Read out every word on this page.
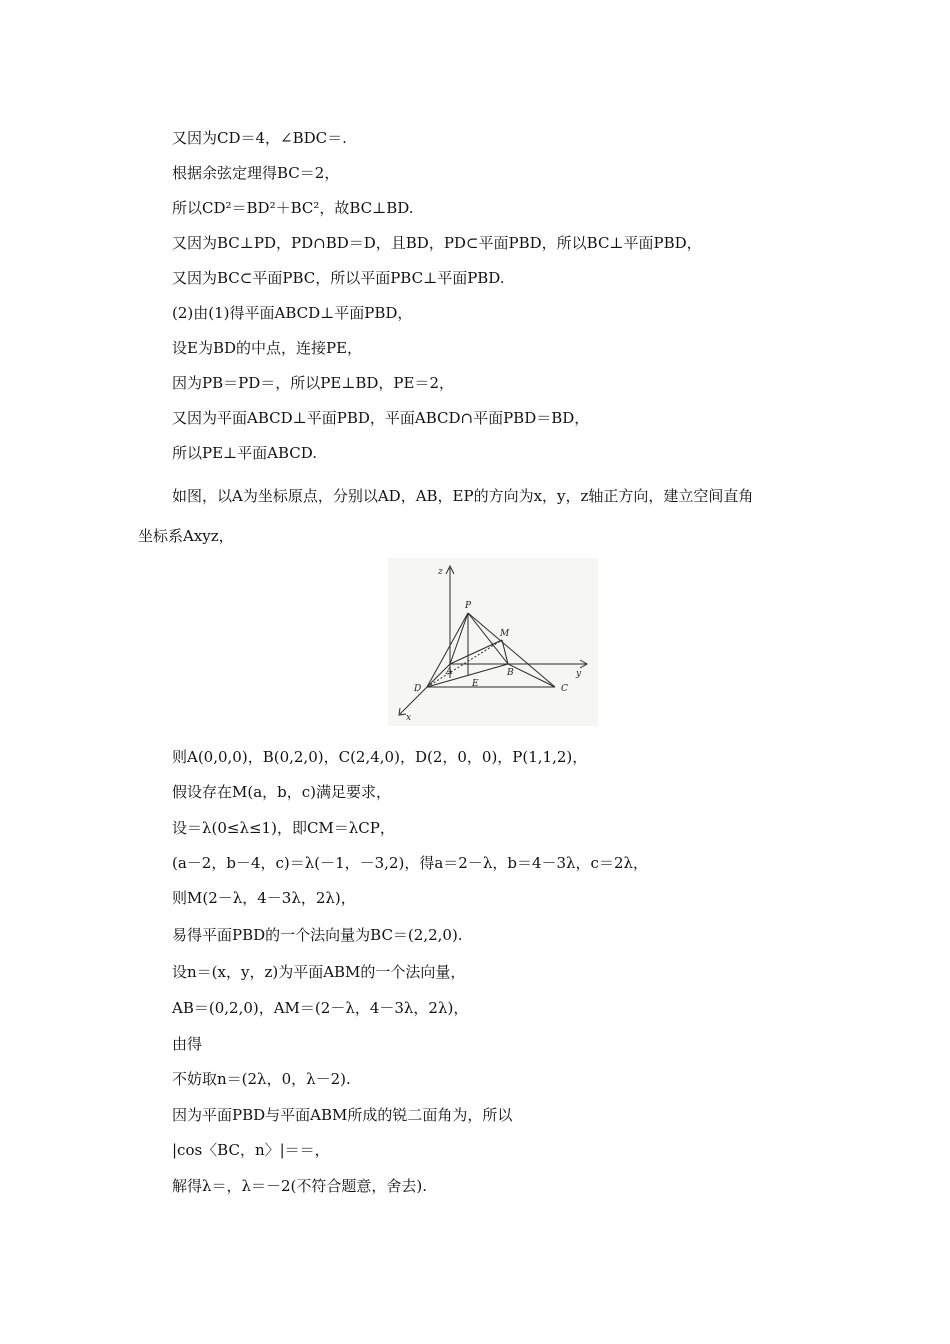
又因为CD＝4，∠BDC＝.
根据余弦定理得BC＝2，
所以CD²＝BD²＋BC²，故BC⊥BD.
又因为BC⊥PD，PD∩BD＝D，且BD，PD⊂平面PBD，所以BC⊥平面PBD，
又因为BC⊂平面PBC，所以平面PBC⊥平面PBD.
(2)由(1)得平面ABCD⊥平面PBD，
设E为BD的中点，连接PE，
因为PB＝PD＝，所以PE⊥BD，PE＝2，
又因为平面ABCD⊥平面PBD，平面ABCD∩平面PBD＝BD，
所以PE⊥平面ABCD.
如图，以A为坐标原点，分别以AD，AB，EP的方向为x，y，z轴正方向，建立空间直角
坐标系Axyz，
z
y
x
P
M
A	B
C
D	E
则A(0,0,0)，B(0,2,0)，C(2,4,0)，D(2，0，0)，P(1,1,2)，
假设存在M(a，b，c)满足要求，
设＝λ(0≤λ≤1)，即CM＝λCP，
(a－2，b－4，c)＝λ(－1，－3,2)，得a＝2－λ，b＝4－3λ，c＝2λ，
则M(2－λ，4－3λ，2λ)，
易得平面PBD的一个法向量为BC＝(2,2,0).
设n＝(x，y，z)为平面ABM的一个法向量，
AB＝(0,2,0)，AM＝(2－λ，4－3λ，2λ)，
由得
不妨取n＝(2λ，0，λ－2).
因为平面PBD与平面ABM所成的锐二面角为，所以
|cos〈BC，n〉|＝＝，
解得λ＝，λ＝－2(不符合题意，舍去).
